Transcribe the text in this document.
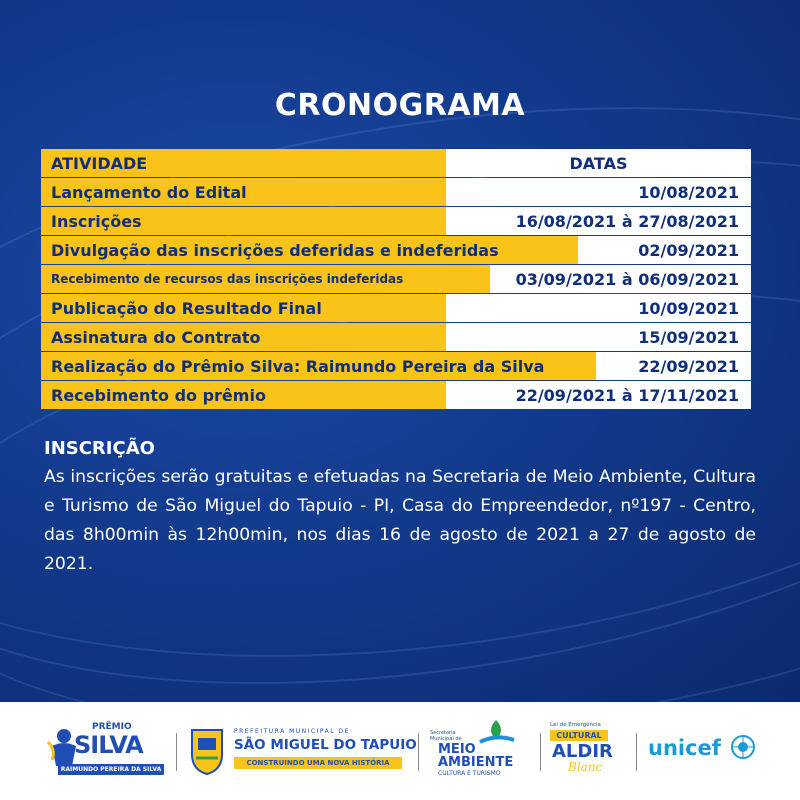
CRONOGRAMA
ATIVIDADE	DATAS
Lançamento do Edital	10/08/2021
Inscrições	16/08/2021 à 27/08/2021
Divulgação das inscrições deferidas e indeferidas	02/09/2021
Recebimento de recursos das inscrições indeferidas	03/09/2021 à 06/09/2021
Publicação do Resultado Final	10/09/2021
Assinatura do Contrato	15/09/2021
Realização do Prêmio Silva: Raimundo Pereira da Silva	22/09/2021
Recebimento do prêmio	22/09/2021 à 17/11/2021
INSCRIÇÃO
As inscrições serão gratuitas e efetuadas na Secretaria de Meio Ambiente, Cultura e Turismo de São Miguel do Tapuio - PI, Casa do Empreendedor, nº197 - Centro, das 8h00min às 12h00min, nos dias 16 de agosto de 2021 a 27 de agosto de 2021.
PRÊMIO
SILVA
RAIMUNDO PEREIRA DA SILVA
PREFEITURA MUNICIPAL DE
SÃO MIGUEL DO TAPUIO
CONSTRUINDO UMA NOVA HISTÓRIA
Secretaria Municipal de
MEIO
AMBIENTE
CULTURA E TURISMO
Lei de Emergência
CULTURAL
ALDIR
Blanc
unicef
